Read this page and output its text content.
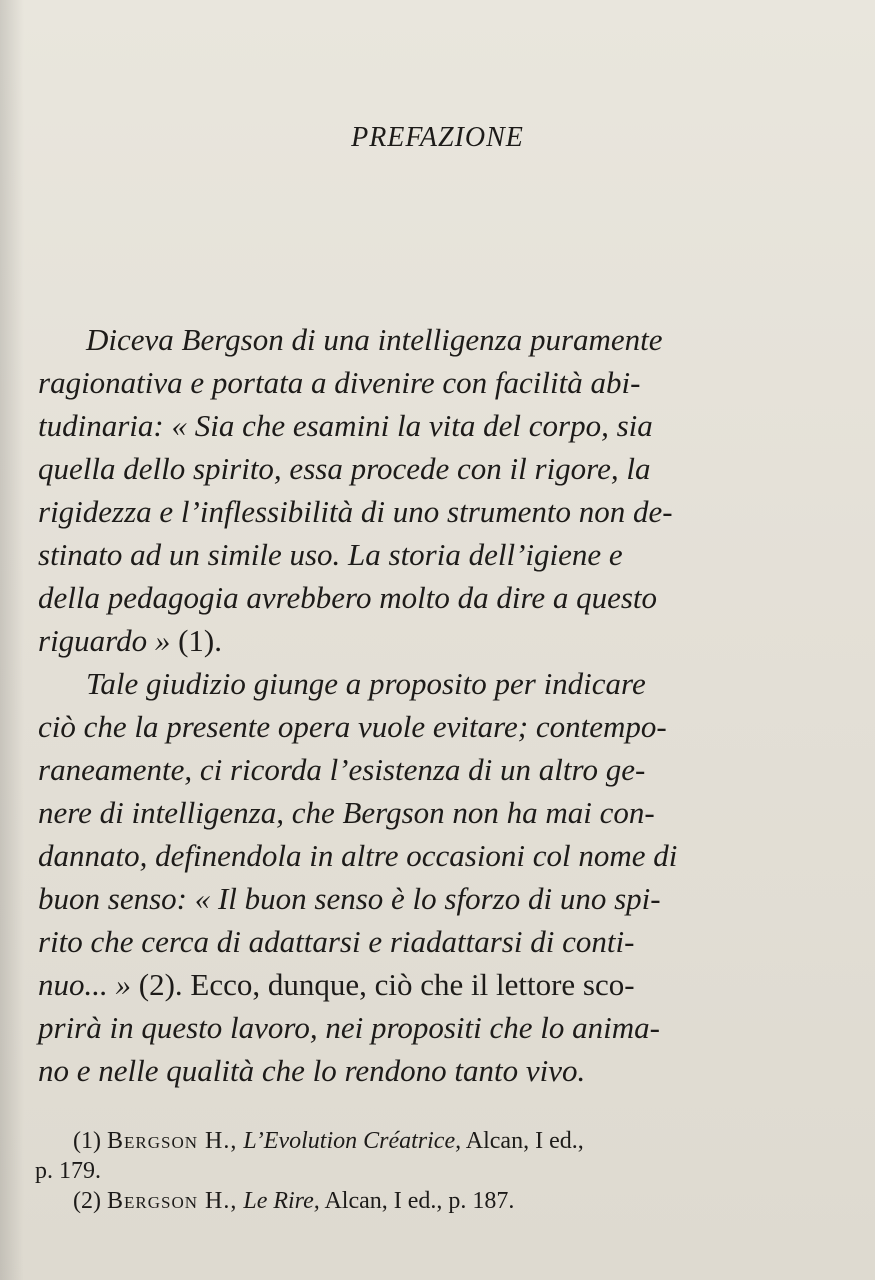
PREFAZIONE
Diceva Bergson di una intelligenza puramente
ragionativa e portata a divenire con facilità abi-
tudinaria: « Sia che esamini la vita del corpo, sia
quella dello spirito, essa procede con il rigore, la
rigidezza e l’inflessibilità di uno strumento non de-
stinato ad un simile uso. La storia dell’igiene e
della pedagogia avrebbero molto da dire a questo
riguardo » (1).
Tale giudizio giunge a proposito per indicare
ciò che la presente opera vuole evitare; contempo-
raneamente, ci ricorda l’esistenza di un altro ge-
nere di intelligenza, che Bergson non ha mai con-
dannato, definendola in altre occasioni col nome di
buon senso: « Il buon senso è lo sforzo di uno spi-
rito che cerca di adattarsi e riadattarsi di conti-
nuo... » (2). Ecco, dunque, ciò che il lettore sco-
prirà in questo lavoro, nei propositi che lo anima-
no e nelle qualità che lo rendono tanto vivo.
(1) Bergson H., L’Evolution Créatrice, Alcan, I ed.,
p. 179.
(2) Bergson H., Le Rire, Alcan, I ed., p. 187.
